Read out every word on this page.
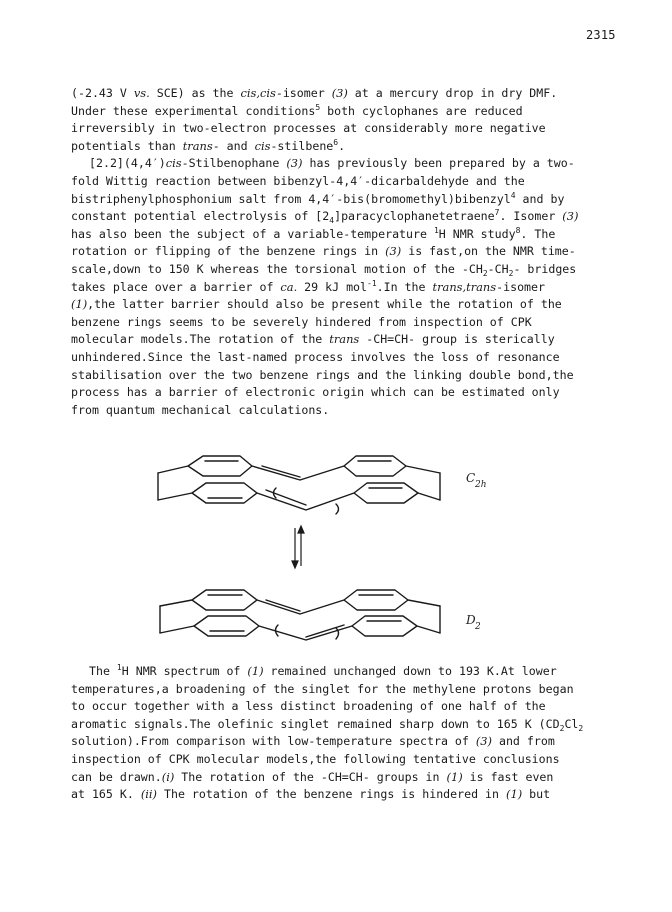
2315
(-2.43 V vs. SCE) as the cis,cis-isomer (3) at a mercury drop in dry DMF.
Under these experimental conditions$^5$ both cyclophanes are reduced
irreversibly in two-electron processes at considerably more negative
potentials than trans- and cis-stilbene$^6$.
[2.2](4,4′)cis-Stilbenophane (3) has previously been prepared by a two-
fold Wittig reaction between bibenzyl-4,4′-dicarbaldehyde and the
bistriphenylphosphonium salt from 4,4′-bis(bromomethyl)bibenzyl$^4$ and by
constant potential electrolysis of $[2_4]paracyclophanetetraene^7$. Isomer (3)
has also been the subject of a variable-temperature $^1$H NMR study$^8$. The
rotation or flipping of the benzene rings in (3) is fast,on the NMR time-
scale,down to 150 K whereas the torsional motion of the $-CH_2-CH_2-$ bridges
takes place over a barrier of ca. 29 kJ mol$^{-1}$.In the trans,trans-isomer
(1),the latter barrier should also be present while the rotation of the
benzene rings seems to be severely hindered from inspection of CPK
molecular models.The rotation of the trans -CH=CH- group is sterically
unhindered.Since the last-named process involves the loss of resonance
stabilisation over the two benzene rings and the linking double bond,the
process has a barrier of electronic origin which can be estimated only
from quantum mechanical calculations.
C 2h
D 2
The $^1$H NMR spectrum of (1) remained unchanged down to 193 K.At lower
temperatures,a broadening of the singlet for the methylene protons began
to occur together with a less distinct broadening of one half of the
aromatic signals.The olefinic singlet remained sharp down to 165 K ($CD_2Cl_2$
solution).From comparison with low-temperature spectra of (3) and from
inspection of CPK molecular models,the following tentative conclusions
can be drawn.(i) The rotation of the -CH=CH- groups in (1) is fast even
at 165 K. (ii) The rotation of the benzene rings is hindered in (1) but
